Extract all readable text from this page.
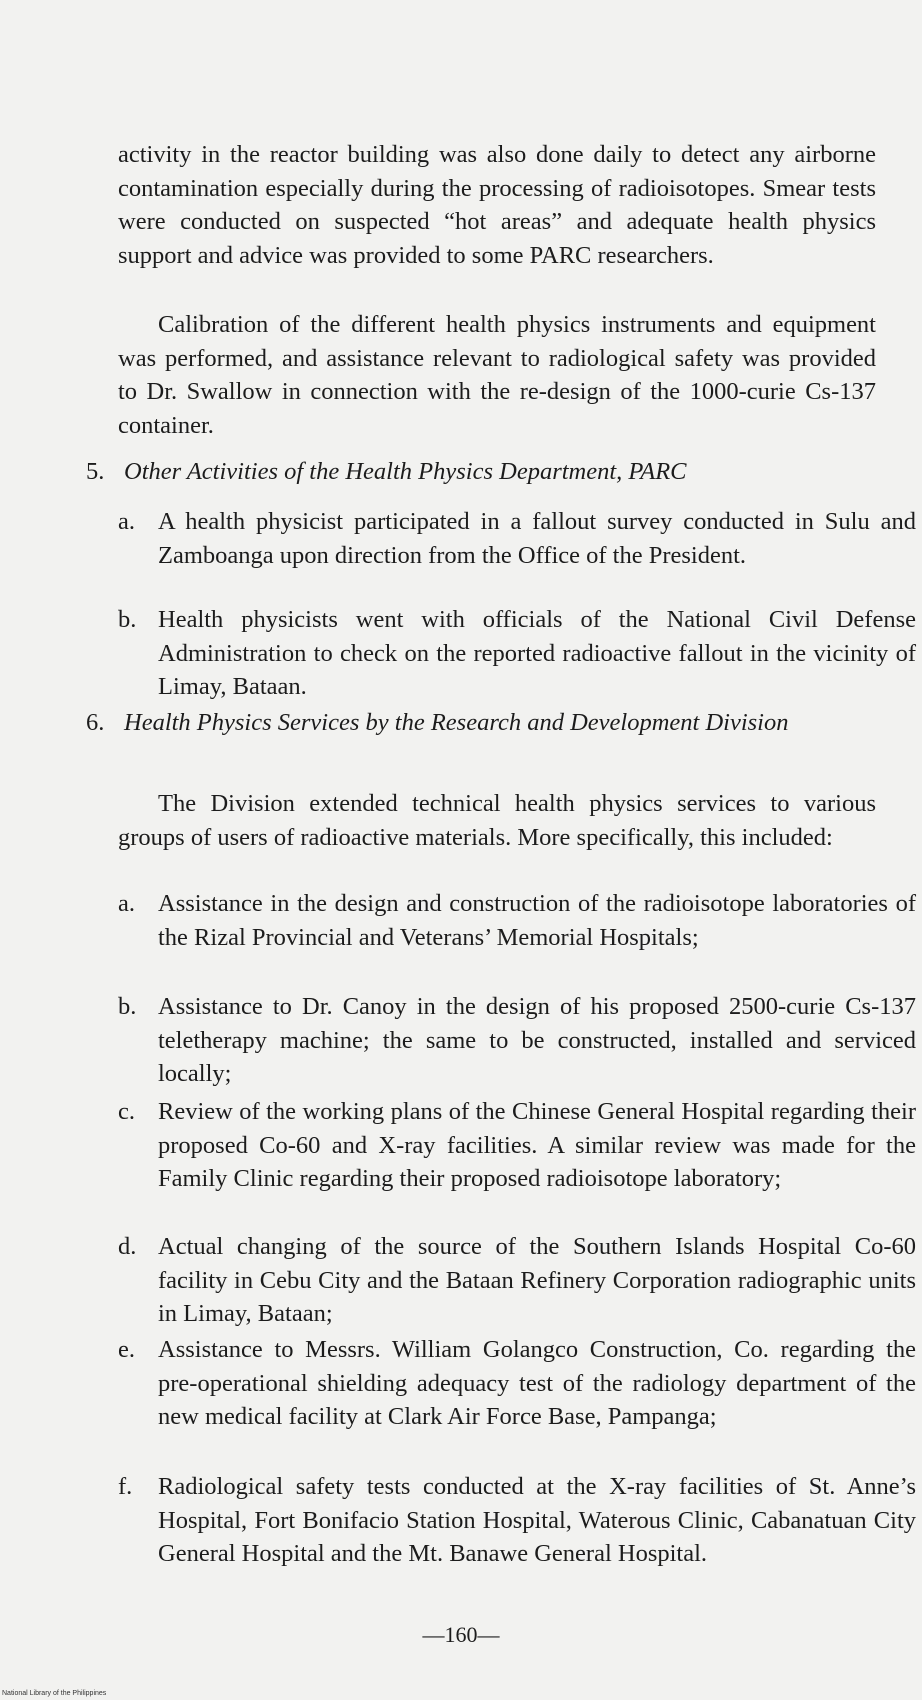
activity in the reactor building was also done daily to detect any airborne contamination especially during the processing of radioisotopes. Smear tests were conducted on suspected “hot areas” and adequate health physics support and advice was provided to some PARC researchers.

Calibration of the different health physics instruments and equipment was performed, and assistance relevant to radiological safety was provided to Dr. Swallow in connection with the re-design of the 1000-curie Cs-137 container.

5. Other Activities of the Health Physics Department, PARC

a. A health physicist participated in a fallout survey conducted in Sulu and Zamboanga upon direction from the Office of the President.

b. Health physicists went with officials of the National Civil Defense Administration to check on the reported radioactive fallout in the vicinity of Limay, Bataan.

6. Health Physics Services by the Research and Development Division

The Division extended technical health physics services to various groups of users of radioactive materials. More specifically, this included:

a. Assistance in the design and construction of the radioisotope laboratories of the Rizal Provincial and Veterans’ Memorial Hospitals;

b. Assistance to Dr. Canoy in the design of his proposed 2500-curie Cs-137 teletherapy machine; the same to be constructed, installed and serviced locally;

c. Review of the working plans of the Chinese General Hospital regarding their proposed Co-60 and X-ray facilities. A similar review was made for the Family Clinic regarding their proposed radioisotope laboratory;

d. Actual changing of the source of the Southern Islands Hospital Co-60 facility in Cebu City and the Bataan Refinery Corporation radiographic units in Limay, Bataan;

e. Assistance to Messrs. William Golangco Construction, Co. regarding the pre-operational shielding adequacy test of the radiology department of the new medical facility at Clark Air Force Base, Pampanga;

f. Radiological safety tests conducted at the X-ray facilities of St. Anne’s Hospital, Fort Bonifacio Station Hospital, Waterous Clinic, Cabanatuan City General Hospital and the Mt. Banawe General Hospital.

—160—
National Library of the Philippines
